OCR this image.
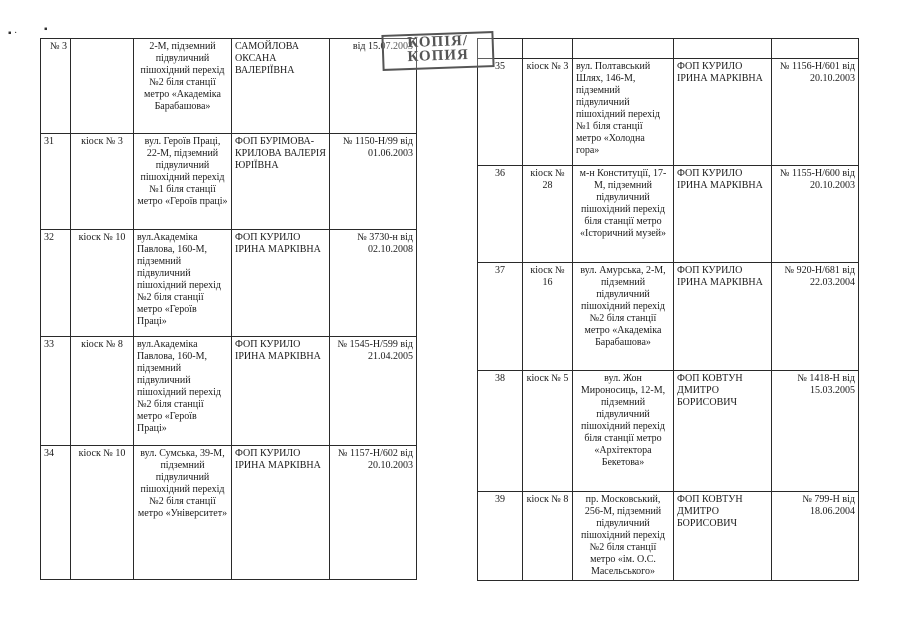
№ 3		2-М, підземний підвуличний пішохідний перехід №2 біля станції метро «Академіка Барабашова»	САМОЙЛОВА ОКСАНА ВАЛЕРІЇВНА	від 15.07.2003
31	кіоск № 3	вул. Героїв Праці, 22-М, підземний підвуличний пішохідний перехід №1 біля станції метро «Героїв праці»	ФОП БУРІМОВА-КРИЛОВА ВАЛЕРІЯ ЮРІЇВНА	№ 1150-Н/99 від 01.06.2003
32	кіоск № 10	вул.Академіка Павлова, 160-М, підземний підвуличний пішохідний перехід №2 біля станції метро «Героїв Праці»	ФОП КУРИЛО ІРИНА МАРКІВНА	№ 3730-н від 02.10.2008
33	кіоск № 8	вул.Академіка Павлова, 160-М, підземний підвуличний пішохідний перехід №2 біля станції метро «Героїв Праці»	ФОП КУРИЛО ІРИНА МАРКІВНА	№ 1545-Н/599 від 21.04.2005
34	кіоск № 10	вул. Сумська, 39-М, підземний підвуличний пішохідний перехід №2 біля станції метро «Університет»	ФОП КУРИЛО ІРИНА МАРКІВНА	№ 1157-Н/602 від 20.10.2003

35	кіоск № 3	вул. Полтавський Шлях, 146-М, підземний підвуличний пішохідний перехід №1 біля станції метро «Холодна гора»	ФОП КУРИЛО ІРИНА МАРКІВНА	№ 1156-Н/601 від 20.10.2003
36	кіоск № 28	м-н Конституції, 17-М, підземний підвуличний пішохідний перехід біля станції метро «Історичний музей»	ФОП КУРИЛО ІРИНА МАРКІВНА	№ 1155-Н/600 від 20.10.2003
37	кіоск № 16	вул. Амурська, 2-М, підземний підвуличний пішохідний перехід №2 біля станції метро «Академіка Барабашова»	ФОП КУРИЛО ІРИНА МАРКІВНА	№ 920-Н/681 від 22.03.2004
38	кіоск № 5	вул. Жон Мироносиць, 12-М, підземний підвуличний пішохідний перехід біля станції метро «Архітектора Бекетова»	ФОП КОВТУН ДМИТРО БОРИСОВИЧ	№ 1418-Н від 15.03.2005
39	кіоск № 8	пр. Московський, 256-М, підземний підвуличний пішохідний перехід №2 біля станції метро «ім. О.С. Масельського»	ФОП КОВТУН ДМИТРО БОРИСОВИЧ	№ 799-Н від 18.06.2004
КОПІЯ/
КОПИЯ
▪ ·	▪
